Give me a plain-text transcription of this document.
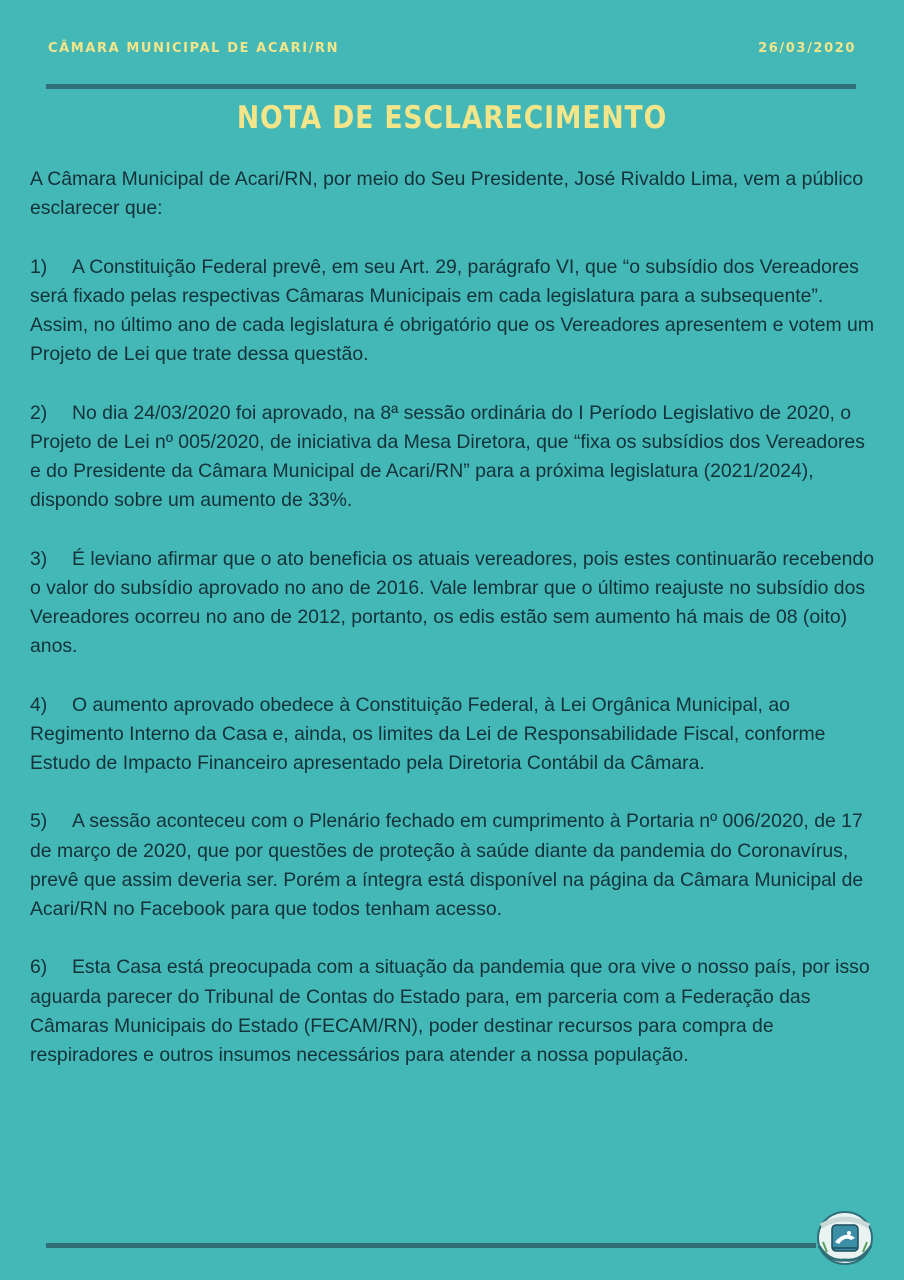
CÂMARA MUNICIPAL DE ACARI/RN	26/03/2020
NOTA DE ESCLARECIMENTO

A Câmara Municipal de Acari/RN, por meio do Seu Presidente, José Rivaldo Lima, vem a público esclarecer que:

1) A Constituição Federal prevê, em seu Art. 29, parágrafo VI, que “o subsídio dos Vereadores será fixado pelas respectivas Câmaras Municipais em cada legislatura para a subsequente”. Assim, no último ano de cada legislatura é obrigatório que os Vereadores apresentem e votem um Projeto de Lei que trate dessa questão.

2) No dia 24/03/2020 foi aprovado, na 8ª sessão ordinária do I Período Legislativo de 2020, o Projeto de Lei nº 005/2020, de iniciativa da Mesa Diretora, que “fixa os subsídios dos Vereadores e do Presidente da Câmara Municipal de Acari/RN” para a próxima legislatura (2021/2024), dispondo sobre um aumento de 33%.

3) É leviano afirmar que o ato beneficia os atuais vereadores, pois estes continuarão recebendo o valor do subsídio aprovado no ano de 2016. Vale lembrar que o último reajuste no subsídio dos Vereadores ocorreu no ano de 2012, portanto, os edis estão sem aumento há mais de 08 (oito) anos.

4) O aumento aprovado obedece à Constituição Federal, à Lei Orgânica Municipal, ao Regimento Interno da Casa e, ainda, os limites da Lei de Responsabilidade Fiscal, conforme Estudo de Impacto Financeiro apresentado pela Diretoria Contábil da Câmara.

5) A sessão aconteceu com o Plenário fechado em cumprimento à Portaria nº 006/2020, de 17 de março de 2020, que por questões de proteção à saúde diante da pandemia do Coronavírus, prevê que assim deveria ser. Porém a íntegra está disponível na página da Câmara Municipal de Acari/RN no Facebook para que todos tenham acesso.

6) Esta Casa está preocupada com a situação da pandemia que ora vive o nosso país, por isso aguarda parecer do Tribunal de Contas do Estado para, em parceria com a Federação das Câmaras Municipais do Estado (FECAM/RN), poder destinar recursos para compra de respiradores e outros insumos necessários para atender a nossa população.
